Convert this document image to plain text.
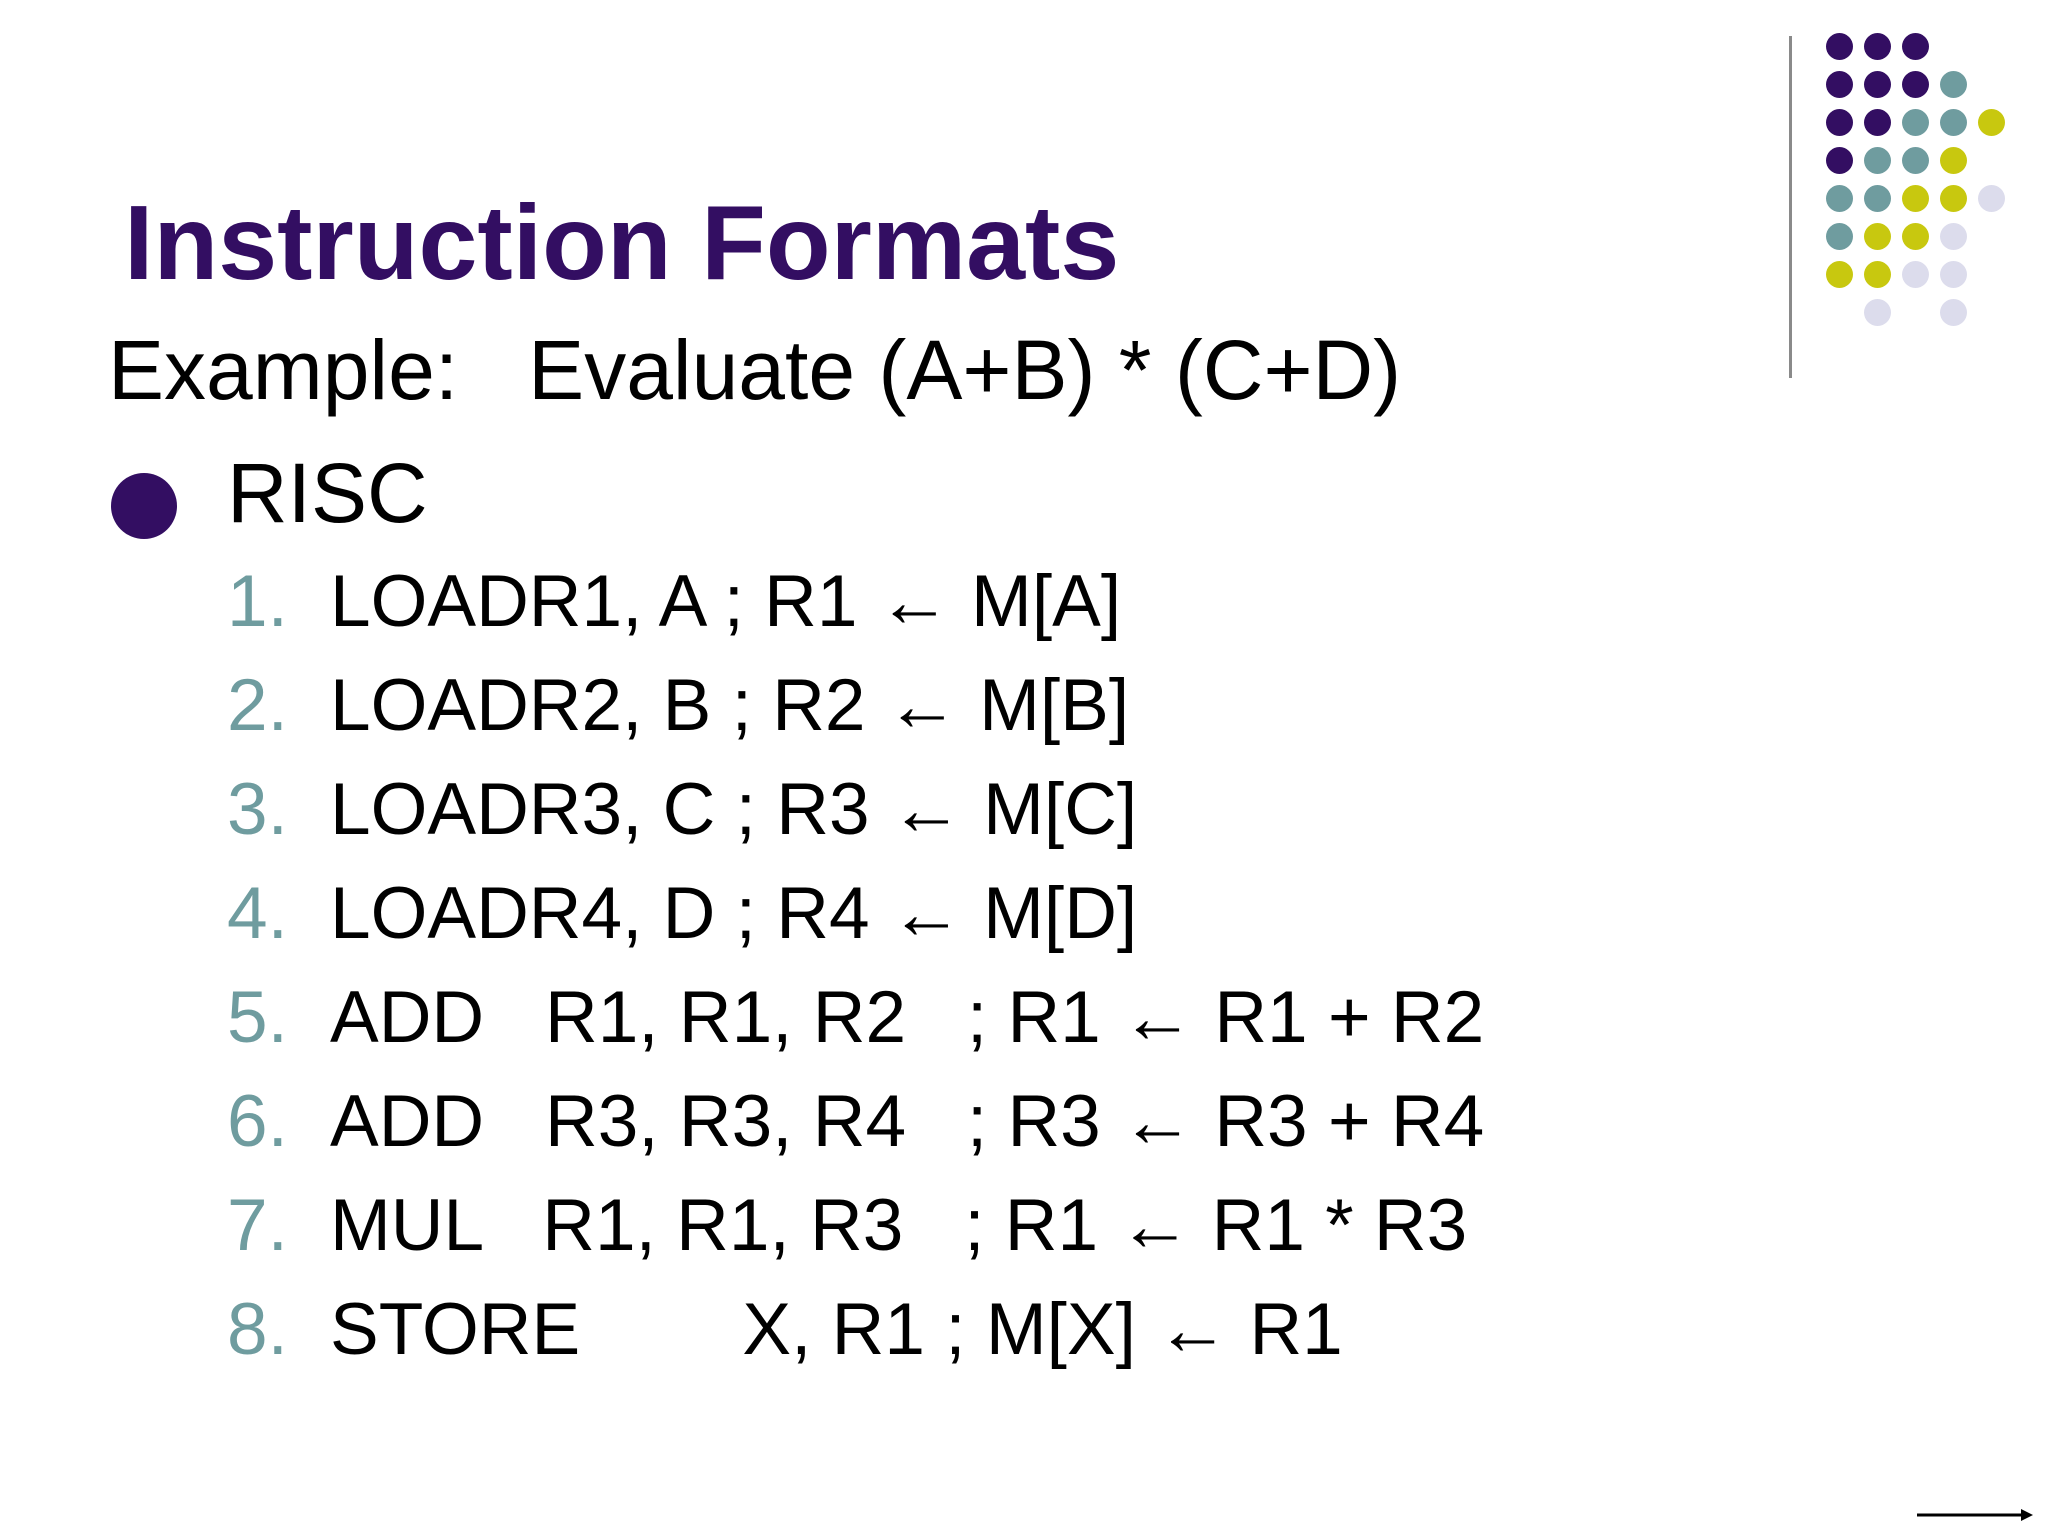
Instruction Formats
Example:   Evaluate (A+B) * (C+D)
RISC
1. LOADR1, A ; R1 ← M[A]
2. LOADR2, B ; R2 ← M[B]
3. LOADR3, C ; R3 ← M[C]
4. LOADR4, D ; R4 ← M[D]
5. ADD   R1, R1, R2   ; R1 ← R1 + R2
6. ADD   R3, R3, R4   ; R3 ← R3 + R4
7. MUL   R1, R1, R3   ; R1 ← R1 * R3
8. STORE        X, R1 ; M[X] ← R1
